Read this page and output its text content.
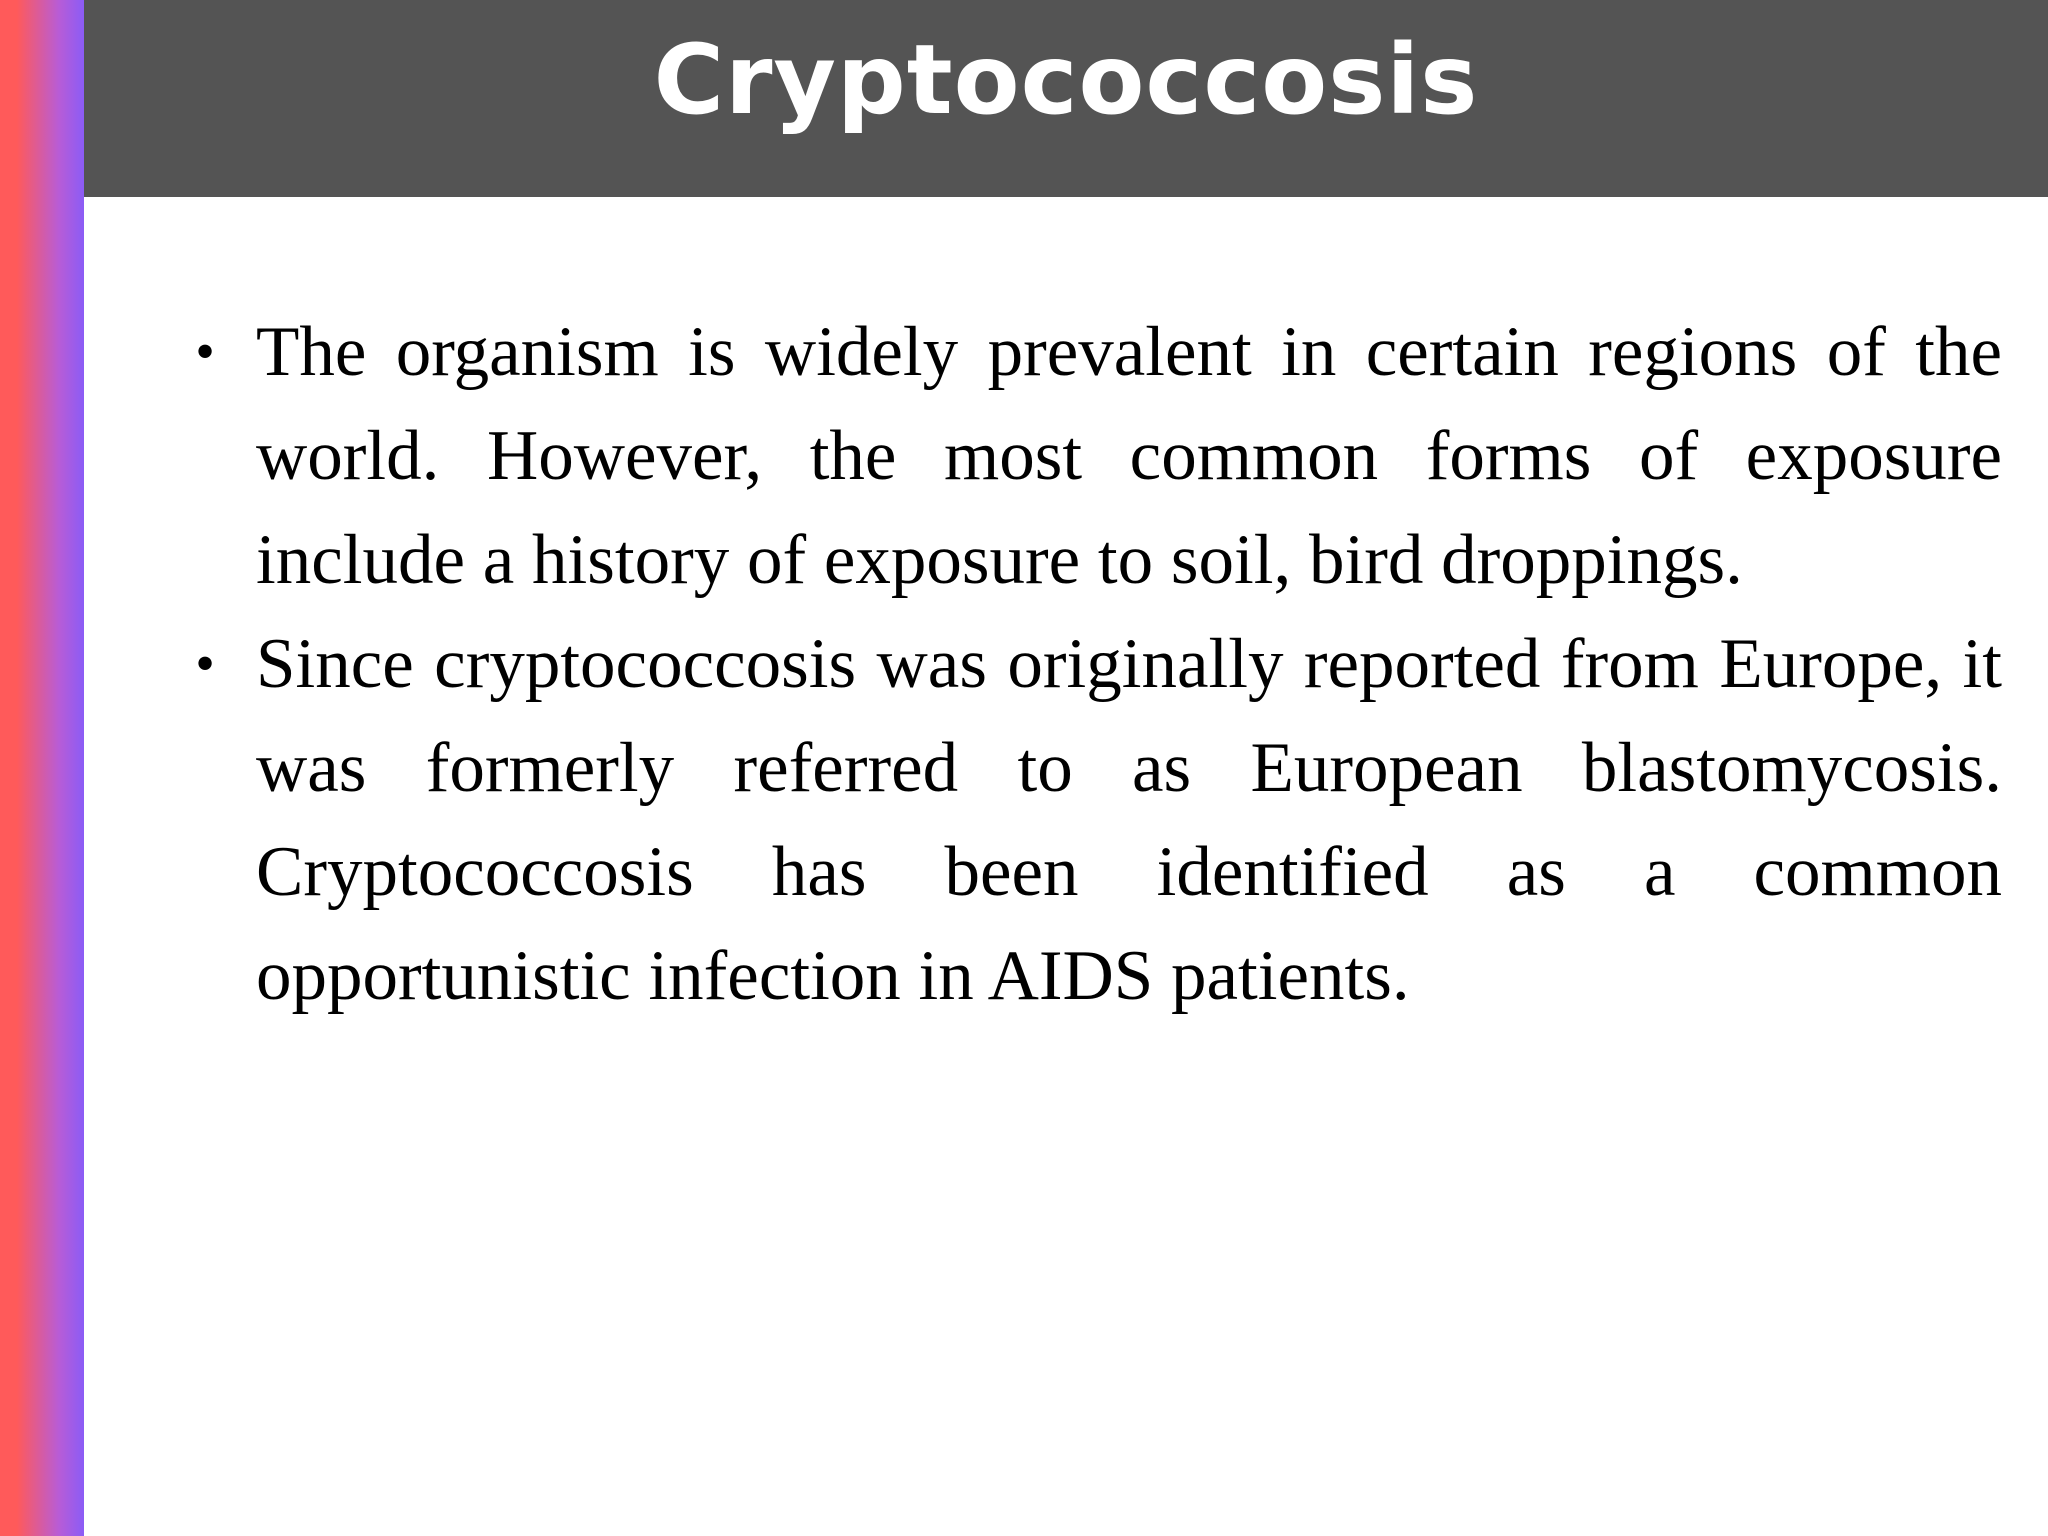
Cryptococcosis
• The organism is widely prevalent in certain regions of the world. However, the most common forms of exposure include a history of exposure to soil, bird droppings.
• Since cryptococcosis was originally reported from Europe, it was formerly referred to as European blastomycosis. Cryptococcosis has been identified as a common opportunistic infection in AIDS patients.
